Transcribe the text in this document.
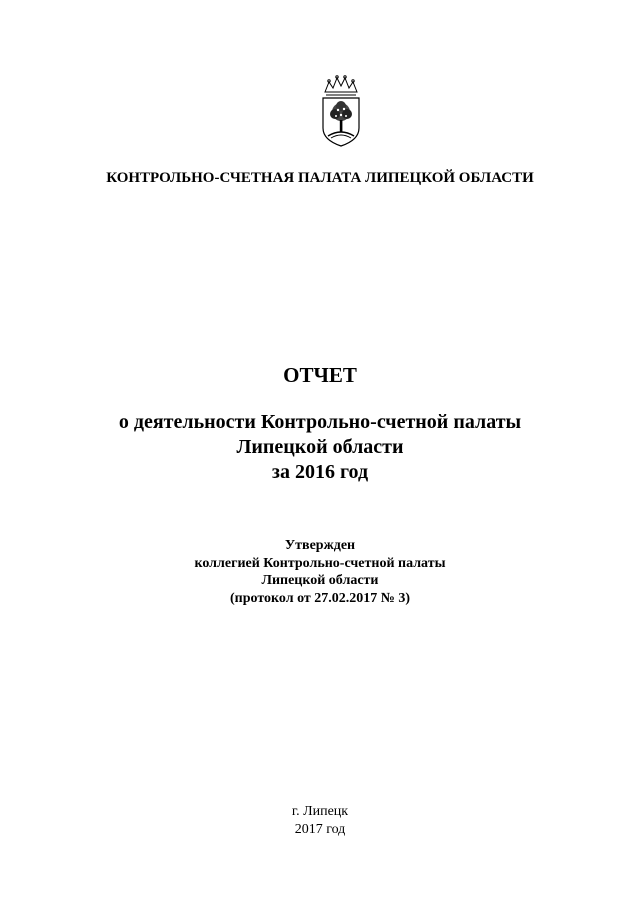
КОНТРОЛЬНО-СЧЕТНАЯ ПАЛАТА ЛИПЕЦКОЙ ОБЛАСТИ
ОТЧЕТ
о деятельности Контрольно-счетной палаты
Липецкой области
за 2016 год
Утвержден
коллегией Контрольно-счетной палаты
Липецкой области
(протокол от 27.02.2017 № 3)
г. Липецк
2017 год
